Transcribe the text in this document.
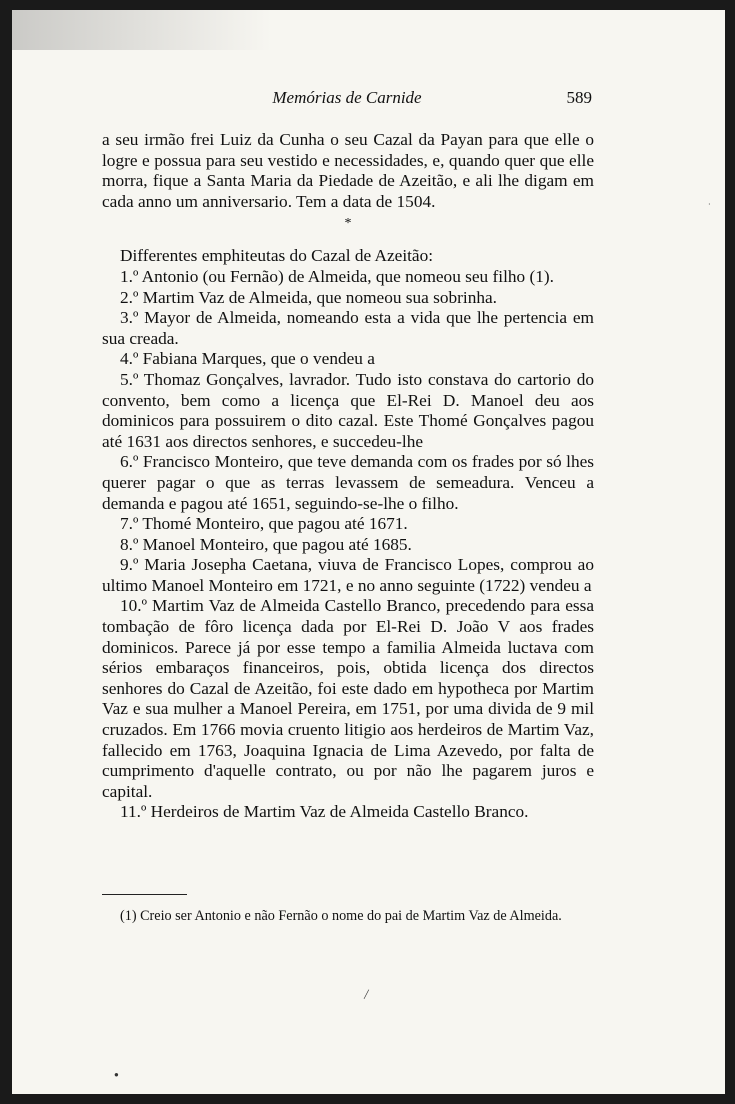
Memórias de Carnide	589

a seu irmão frei Luiz da Cunha o seu Cazal da Payan para que elle o logre e possua para seu vestido e necessidades, e, quando quer que elle morra, fique a Santa Maria da Piedade de Azeitão, e ali lhe digam em cada anno um anniversario. Tem a data de 1504.

*

Differentes emphiteutas do Cazal de Azeitão:

1.º Antonio (ou Fernão) de Almeida, que nomeou seu filho (1).

2.º Martim Vaz de Almeida, que nomeou sua sobrinha.

3.º Mayor de Almeida, nomeando esta a vida que lhe pertencia em sua creada.

4.º Fabiana Marques, que o vendeu a

5.º Thomaz Gonçalves, lavrador. Tudo isto constava do cartorio do convento, bem como a licença que El-Rei D. Manoel deu aos dominicos para possuirem o dito cazal. Este Thomé Gonçalves pagou até 1631 aos directos senhores, e succedeu-lhe

6.º Francisco Monteiro, que teve demanda com os frades por só lhes querer pagar o que as terras levassem de semeadura. Venceu a demanda e pagou até 1651, seguindo-se-lhe o filho.

7.º Thomé Monteiro, que pagou até 1671.

8.º Manoel Monteiro, que pagou até 1685.

9.º Maria Josepha Caetana, viuva de Francisco Lopes, comprou ao ultimo Manoel Monteiro em 1721, e no anno seguinte (1722) vendeu a

10.º Martim Vaz de Almeida Castello Branco, precedendo para essa tombação de fôro licença dada por El-Rei D. João V aos frades dominicos. Parece já por esse tempo a familia Almeida luctava com sérios embaraços financeiros, pois, obtida licença dos directos senhores do Cazal de Azeitão, foi este dado em hypotheca por Martim Vaz e sua mulher a Manoel Pereira, em 1751, por uma divida de 9 mil cruzados. Em 1766 movia cruento litigio aos herdeiros de Martim Vaz, fallecido em 1763, Joaquina Ignacia de Lima Azevedo, por falta de cumprimento d'aquelle contrato, ou por não lhe pagarem juros e capital.

11.º Herdeiros de Martim Vaz de Almeida Castello Branco.

(1) Creio ser Antonio e não Fernão o nome do pai de Martim Vaz de Almeida.
●
╱
·
